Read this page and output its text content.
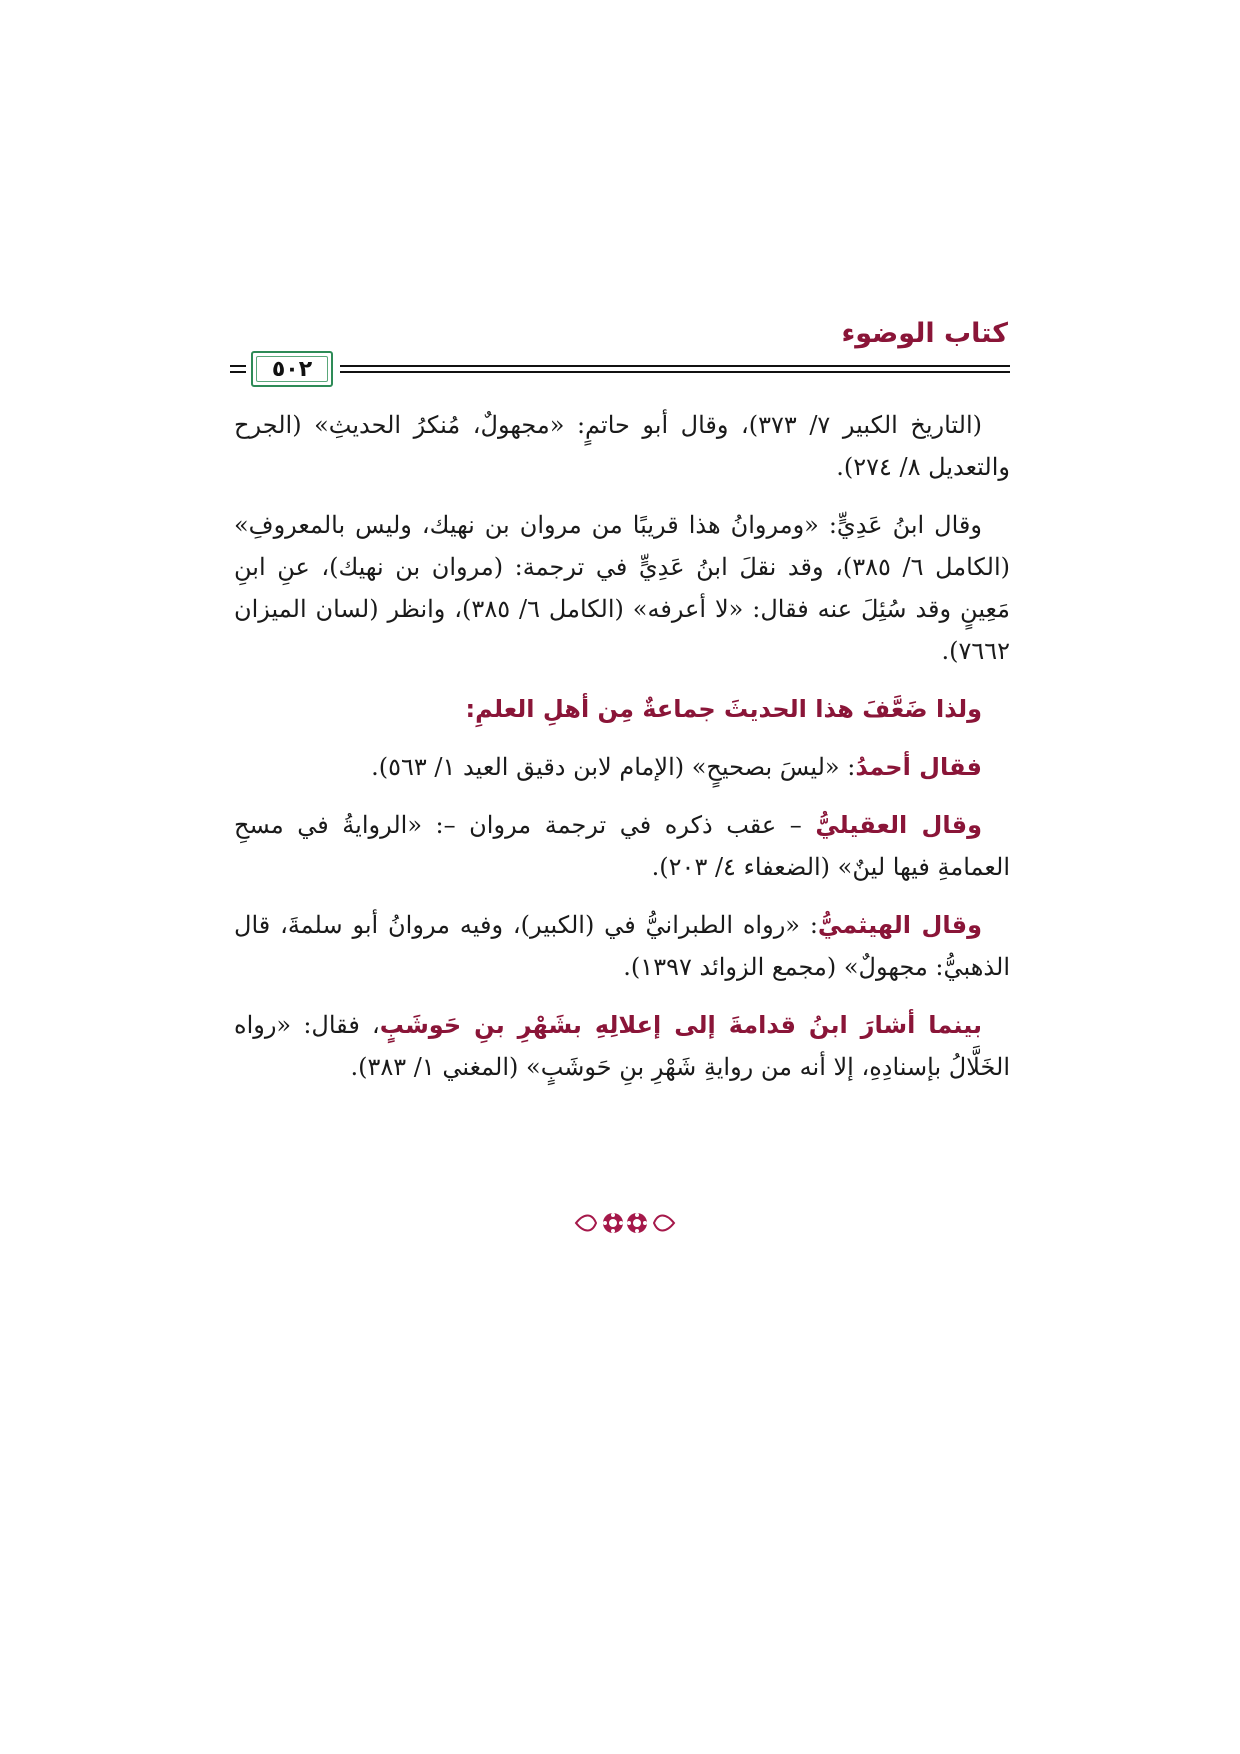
كتاب الوضوء
٥٠٢

(التاريخ الكبير ٧/ ٣٧٣)، وقال أبو حاتمٍ: «مجهولٌ، مُنكرُ الحديثِ» (الجرح والتعديل ٨/ ٢٧٤).

وقال ابنُ عَدِيٍّ: «ومروانُ هذا قريبًا من مروان بن نهيك، وليس بالمعروفِ» (الكامل ٦/ ٣٨٥)، وقد نقلَ ابنُ عَدِيٍّ في ترجمة: (مروان بن نهيك)، عنِ ابنِ مَعِينٍ وقد سُئِلَ عنه فقال: «لا أعرفه» (الكامل ٦/ ٣٨٥)، وانظر (لسان الميزان ٧٦٦٢).

ولذا ضَعَّفَ هذا الحديثَ جماعةٌ مِن أهلِ العلمِ:

فقال أحمدُ: «ليسَ بصحيحٍ» (الإمام لابن دقيق العيد ١/ ٥٦٣).

وقال العقيليُّ – عقب ذكره في ترجمة مروان –: «الروايةُ في مسحِ العمامةِ فيها لينٌ» (الضعفاء ٤/ ٢٠٣).

وقال الهيثميُّ: «رواه الطبرانيُّ في (الكبير)، وفيه مروانُ أبو سلمةَ، قال الذهبيُّ: مجهولٌ» (مجمع الزوائد ١٣٩٧).

بينما أشارَ ابنُ قدامةَ إلى إعلالِهِ بشَهْرِ بنِ حَوشَبٍ، فقال: «رواه الخَلَّالُ بإسنادِهِ، إلا أنه من روايةِ شَهْرِ بنِ حَوشَبٍ» (المغني ١/ ٣٨٣).
